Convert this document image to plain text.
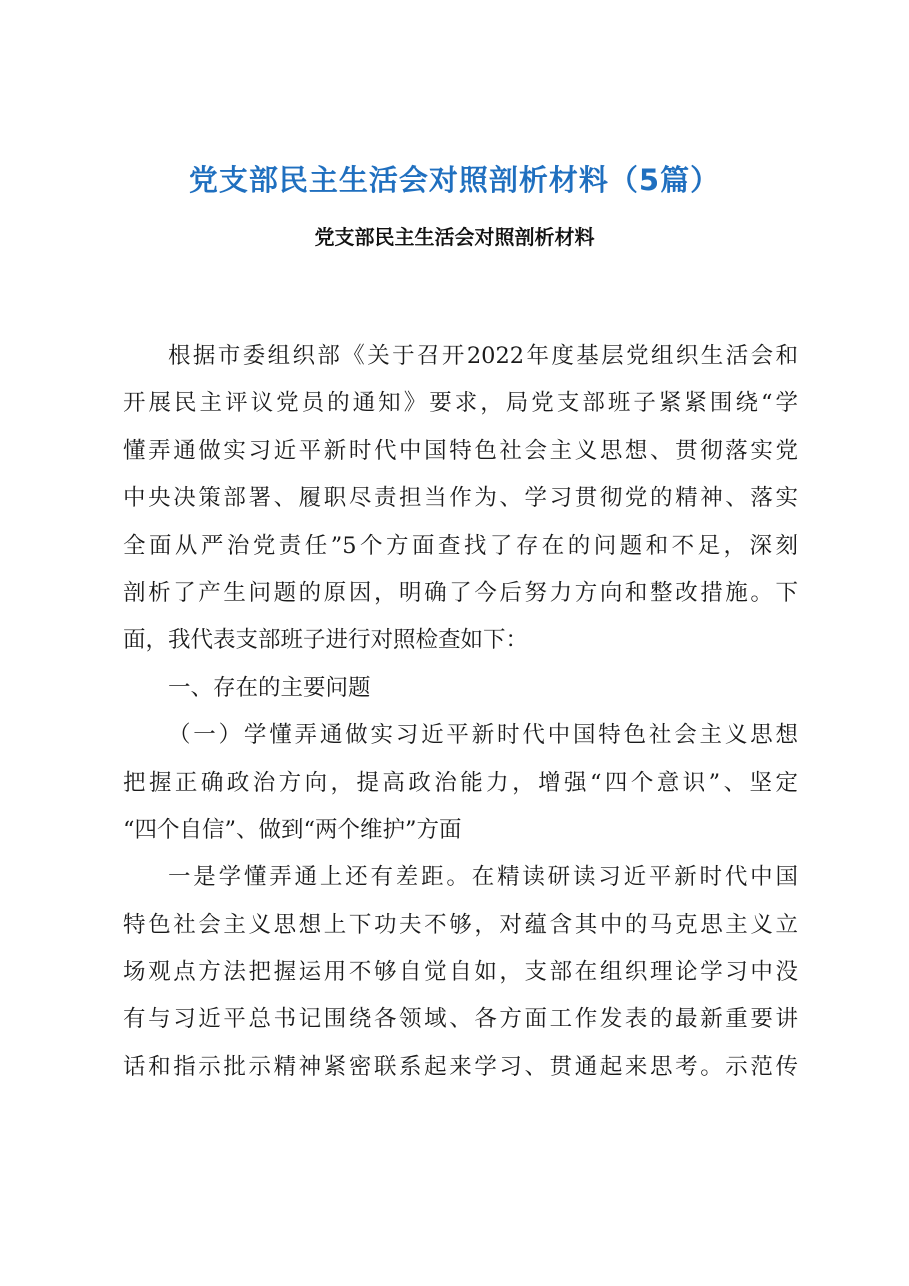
党支部民主生活会对照剖析材料（5篇）
党支部民主生活会对照剖析材料
根据市委组织部《关于召开2022年度基层党组织生活会和
开展民主评议党员的通知》要求，局党支部班子紧紧围绕“学
懂弄通做实习近平新时代中国特色社会主义思想、贯彻落实党
中央决策部署、履职尽责担当作为、学习贯彻党的精神、落实
全面从严治党责任”5个方面查找了存在的问题和不足，深刻
剖析了产生问题的原因，明确了今后努力方向和整改措施。下
面，我代表支部班子进行对照检查如下：
一、存在的主要问题
（一）学懂弄通做实习近平新时代中国特色社会主义思想
把握正确政治方向，提高政治能力，增强“四个意识”、坚定
“四个自信”、做到“两个维护”方面
一是学懂弄通上还有差距。在精读研读习近平新时代中国
特色社会主义思想上下功夫不够，对蕴含其中的马克思主义立
场观点方法把握运用不够自觉自如，支部在组织理论学习中没
有与习近平总书记围绕各领域、各方面工作发表的最新重要讲
话和指示批示精神紧密联系起来学习、贯通起来思考。示范传
